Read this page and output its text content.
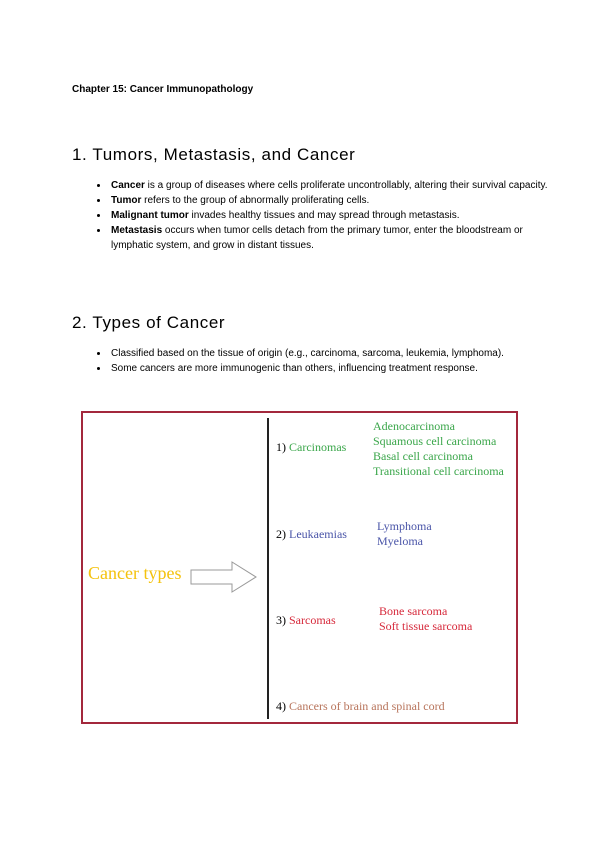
Chapter 15: Cancer Immunopathology
1. Tumors, Metastasis, and Cancer
• Cancer is a group of diseases where cells proliferate uncontrollably, altering their survival capacity.
• Tumor refers to the group of abnormally proliferating cells.
• Malignant tumor invades healthy tissues and may spread through metastasis.
• Metastasis occurs when tumor cells detach from the primary tumor, enter the bloodstream or lymphatic system, and grow in distant tissues.
2. Types of Cancer
• Classified based on the tissue of origin (e.g., carcinoma, sarcoma, leukemia, lymphoma).
• Some cancers are more immunogenic than others, influencing treatment response.
Cancer types
1) Carcinomas
Adenocarcinoma
Squamous cell carcinoma
Basal cell carcinoma
Transitional cell carcinoma
2) Leukaemias
Lymphoma
Myeloma
3) Sarcomas
Bone sarcoma
Soft tissue sarcoma
4) Cancers of brain and spinal cord
